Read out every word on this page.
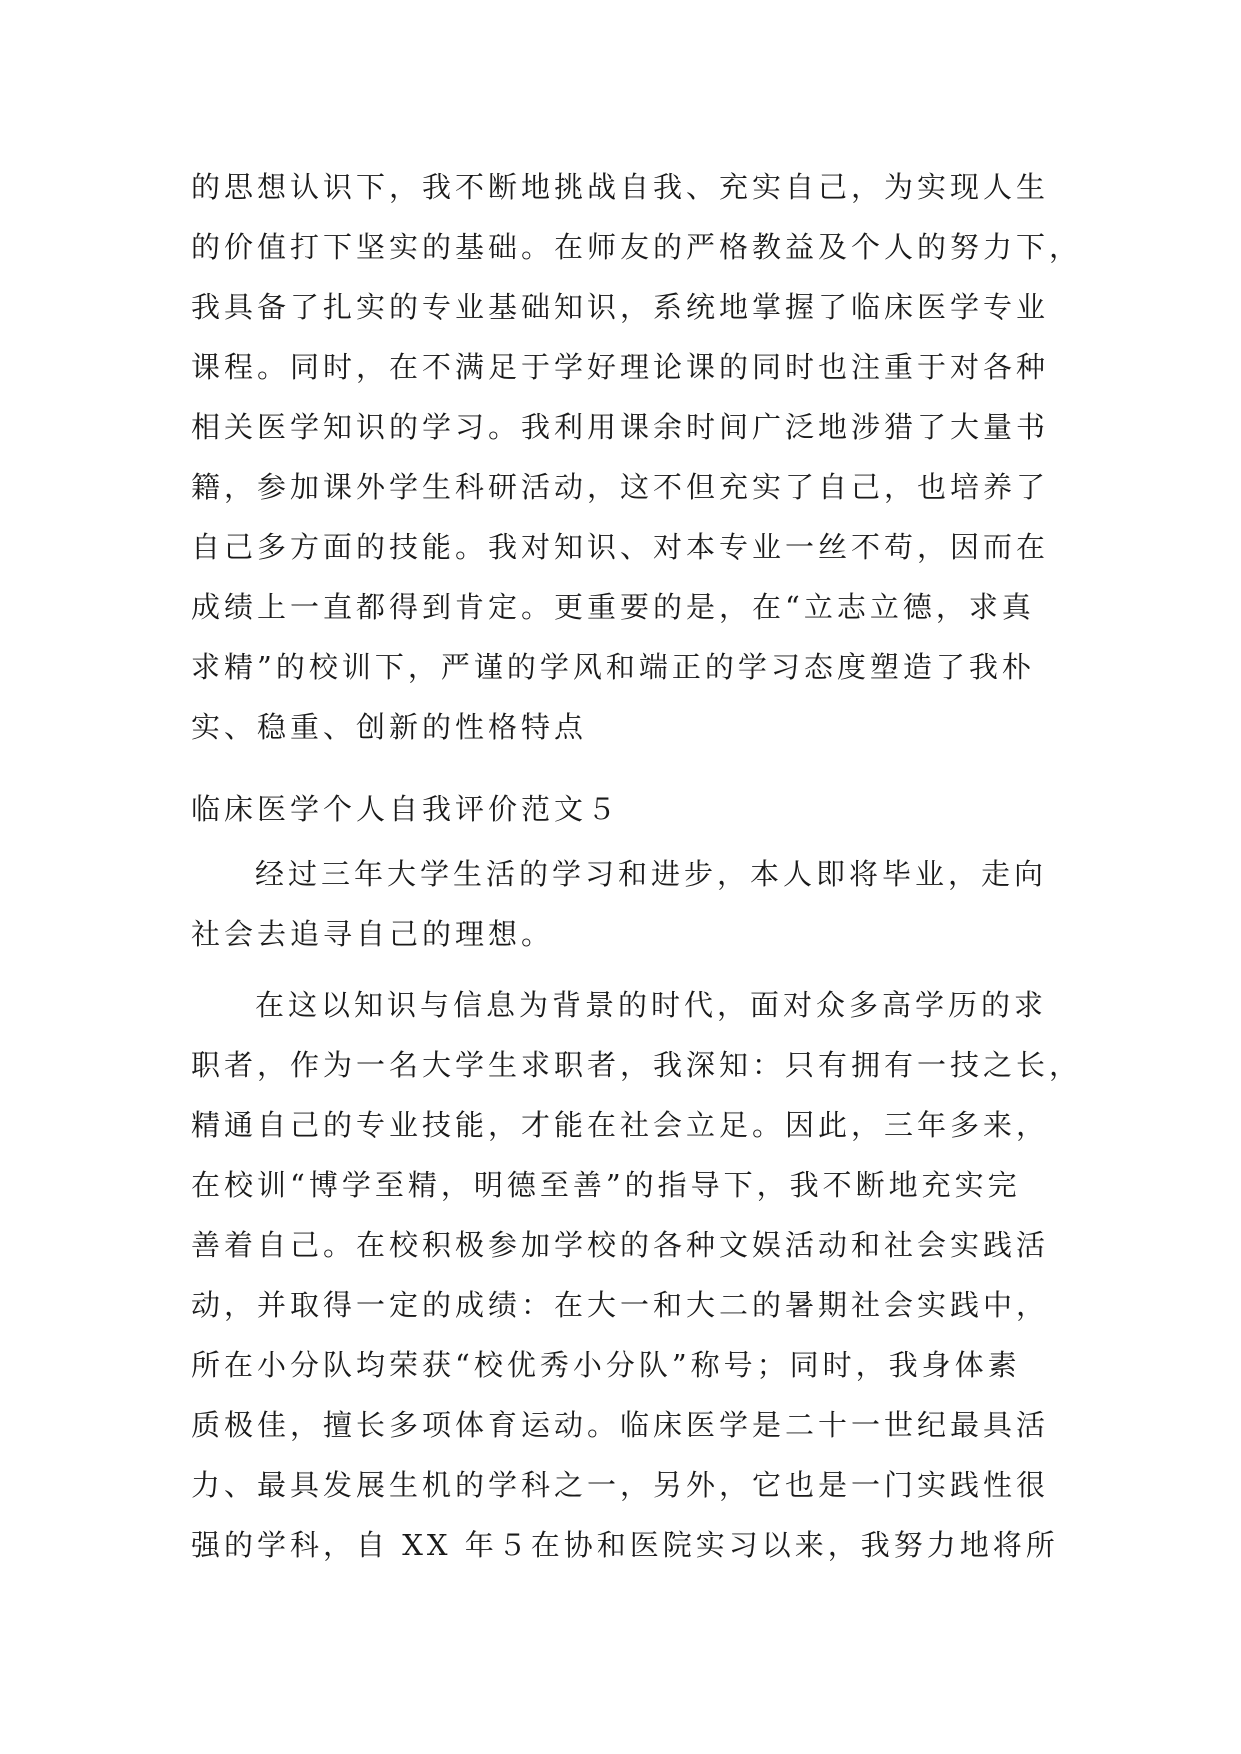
的思想认识下，我不断地挑战自我、充实自己，为实现人生
的价值打下坚实的基础。在师友的严格教益及个人的努力下，
我具备了扎实的专业基础知识，系统地掌握了临床医学专业
课程。同时，在不满足于学好理论课的同时也注重于对各种
相关医学知识的学习。我利用课余时间广泛地涉猎了大量书
籍，参加课外学生科研活动，这不但充实了自己，也培养了
自己多方面的技能。我对知识、对本专业一丝不苟，因而在
成绩上一直都得到肯定。更重要的是，在“立志立德，求真
求精”的校训下，严谨的学风和端正的学习态度塑造了我朴
实、稳重、创新的性格特点
临床医学个人自我评价范文５
经过三年大学生活的学习和进步，本人即将毕业，走向
社会去追寻自己的理想。
在这以知识与信息为背景的时代，面对众多高学历的求
职者，作为一名大学生求职者，我深知：只有拥有一技之长，
精通自己的专业技能，才能在社会立足。因此，三年多来，
在校训“博学至精，明德至善”的指导下，我不断地充实完
善着自己。在校积极参加学校的各种文娱活动和社会实践活
动，并取得一定的成绩：在大一和大二的暑期社会实践中，
所在小分队均荣获“校优秀小分队”称号；同时，我身体素
质极佳，擅长多项体育运动。临床医学是二十一世纪最具活
力、最具发展生机的学科之一，另外，它也是一门实践性很
强的学科，自 XX 年５在协和医院实习以来，我努力地将所
